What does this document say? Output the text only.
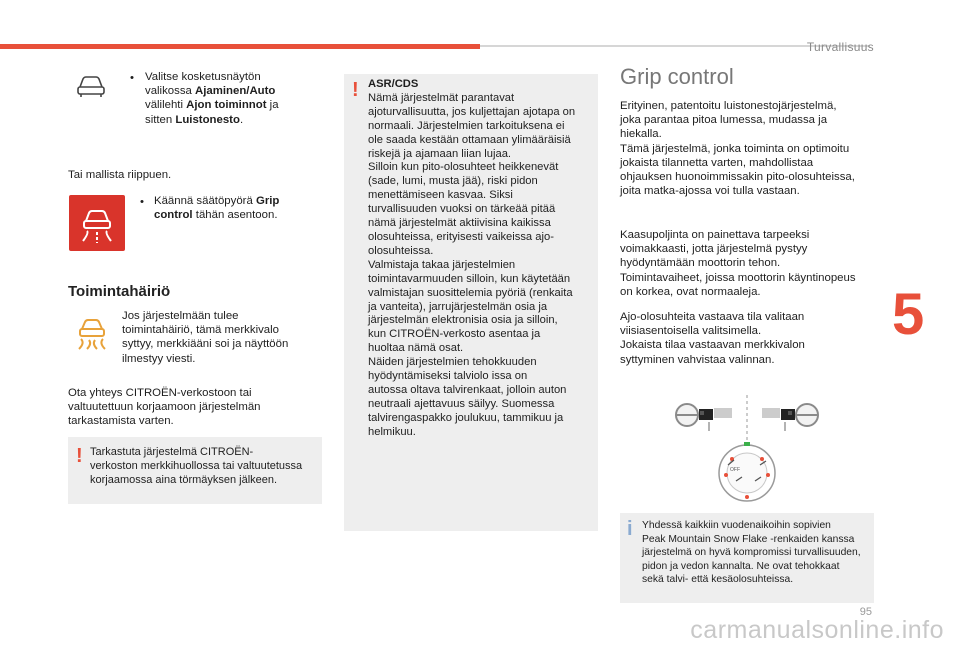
Turvallisuus
5
• Valitse kosketusnäytön
valikossa Ajaminen/Auto
välilehti Ajon toiminnot ja
sitten Luistonesto.
Tai mallista riippuen.
• Käännä säätöpyörä Grip
control tähän asentoon.
Toimintahäiriö
Jos järjestelmään tulee
toimintahäiriö, tämä merkkivalo
syttyy, merkkiääni soi ja näyttöön
ilmestyy viesti.
Ota yhteys CITROËN-verkostoon tai
valtuutettuun korjaamoon järjestelmän
tarkastamista varten.
! Tarkastuta järjestelmä CITROËN-
verkoston merkkihuollossa tai valtuutetussa
korjaamossa aina törmäyksen jälkeen.
! ASR/CDS
Nämä järjestelmät parantavat
ajoturvallisuutta, jos kuljettajan ajotapa on
normaali. Järjestelmien tarkoituksena ei
ole saada kestään ottamaan ylimääräisiä
riskejä ja ajamaan liian lujaa.
Silloin kun pito-olosuhteet heikkenevät
(sade, lumi, musta jää), riski pidon
menettämiseen kasvaa. Siksi
turvallisuuden vuoksi on tärkeää pitää
nämä järjestelmät aktiivisina kaikissa
olosuhteissa, erityisesti vaikeissa ajo-
olosuhteissa.
Valmistaja takaa järjestelmien
toimintavarmuuden silloin, kun käytetään
valmistajan suosittelemia pyöriä (renkaita
ja vanteita), jarrujärjestelmän osia ja
järjestelmän elektronisia osia ja silloin,
kun CITROËN-verkosto asentaa ja
huoltaa nämä osat.
Näiden järjestelmien tehokkuuden
hyödyntämiseksi talviolo issa on
autossa oltava talvirenkaat, jolloin auton
neutraali ajettavuus säilyy. Suomessa
talvirengaspakko joulukuu, tammikuu ja
helmikuu.
Grip control
Erityinen, patentoitu luistonestojärjestelmä,
joka parantaa pitoa lumessa, mudassa ja
hiekalla.
Tämä järjestelmä, jonka toiminta on optimoitu
jokaista tilannetta varten, mahdollistaa
ohjauksen huonoimmissakin pito-olosuhteissa,
joita matka-ajossa voi tulla vastaan.
Kaasupoljinta on painettava tarpeeksi
voimakkaasti, jotta järjestelmä pystyy
hyödyntämään moottorin tehon.
Toimintavaiheet, joissa moottorin käyntinopeus
on korkea, ovat normaaleja.
Ajo-olosuhteita vastaava tila valitaan
viisiasentoisella valitsimella.
Jokaista tilaa vastaavan merkkivalon
syttyminen vahvistaa valinnan.
OFF
i Yhdessä kaikkiin vuodenaikoihin sopivien
Peak Mountain Snow Flake -renkaiden kanssa
järjestelmä on hyvä kompromissi turvallisuuden,
pidon ja vedon kannalta. Ne ovat tehokkaat
sekä talvi- että kesäolosuhteissa.
95
carmanualsonline.info
